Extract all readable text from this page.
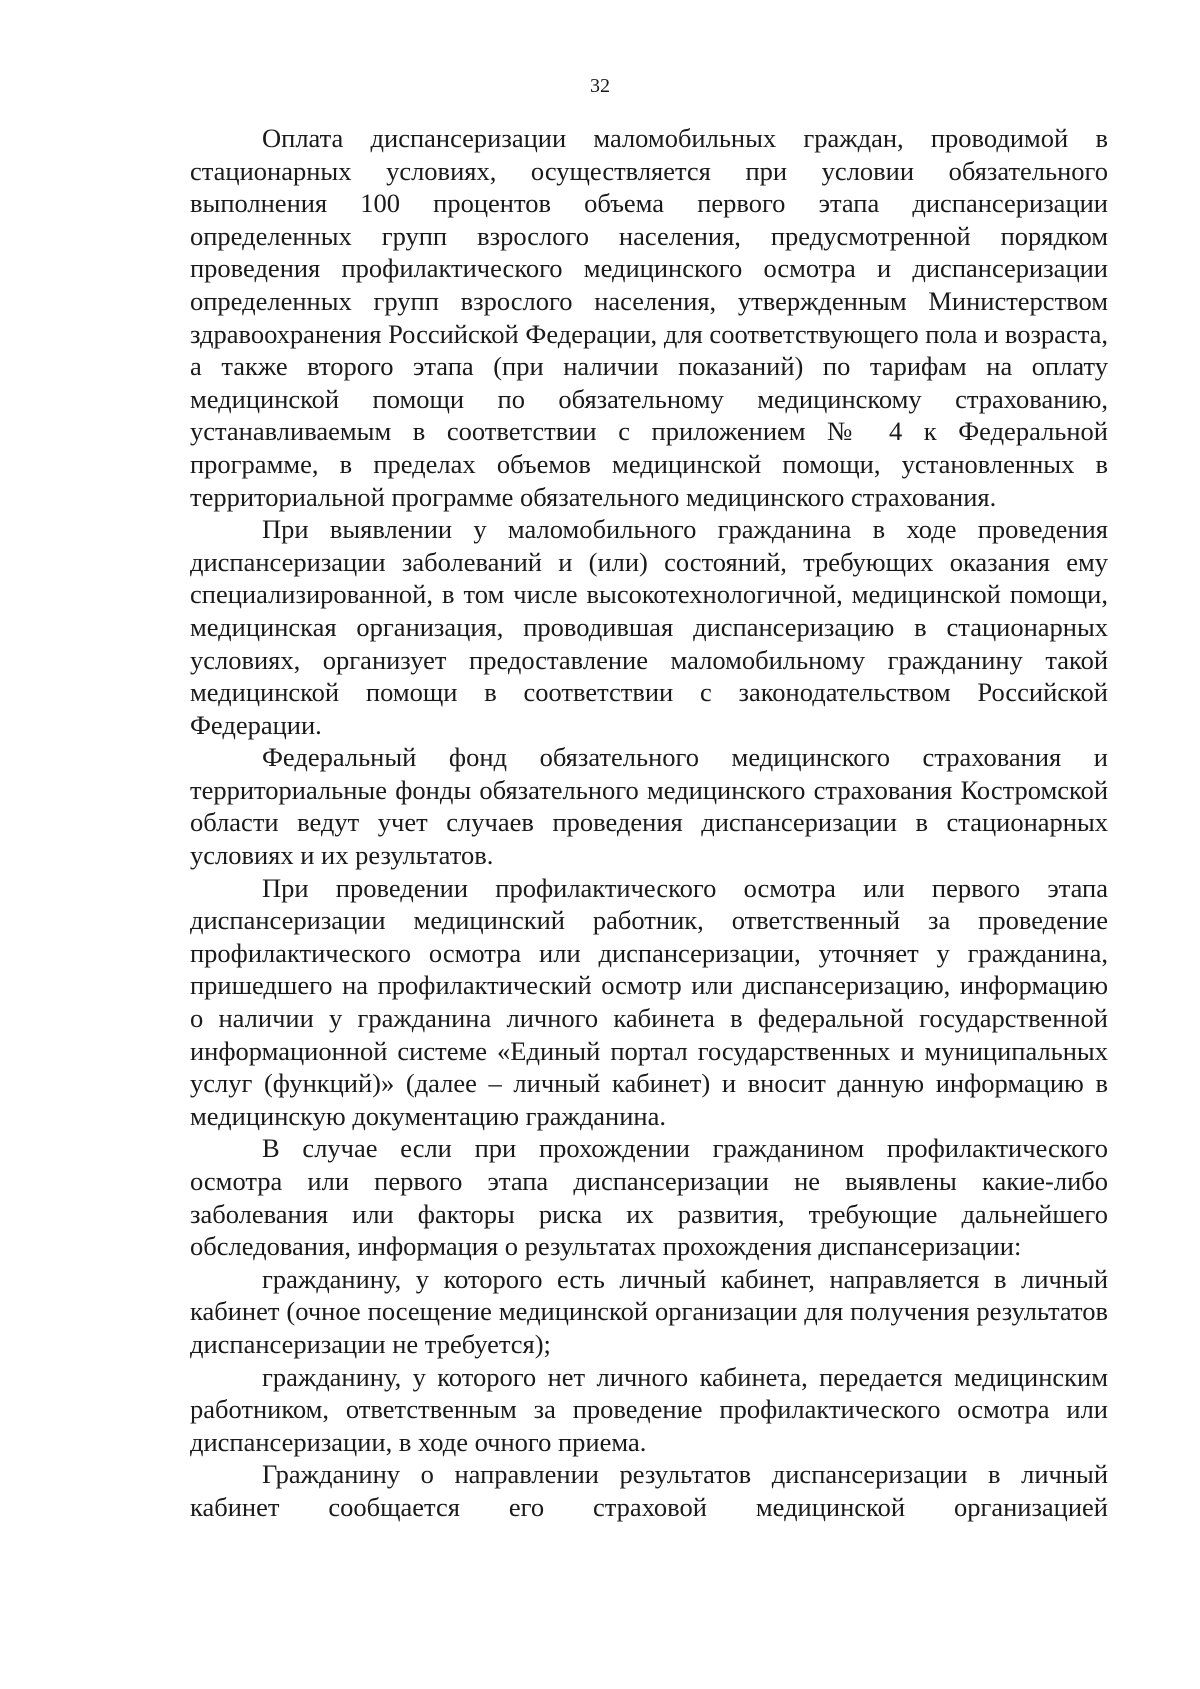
32

Оплата диспансеризации маломобильных граждан, проводимой в стационарных условиях, осуществляется при условии обязательного выполнения 100 процентов объема первого этапа диспансеризации определенных групп взрослого населения, предусмотренной порядком проведения профилактического медицинского осмотра и диспансеризации определенных групп взрослого населения, утвержденным Министерством здравоохранения Российской Федерации, для соответствующего пола и возраста, а также второго этапа (при наличии показаний) по тарифам на оплату медицинской помощи по обязательному медицинскому страхованию, устанавливаемым в соответствии с приложением № 4 к Федеральной программе, в пределах объемов медицинской помощи, установленных в территориальной программе обязательного медицинского страхования.

При выявлении у маломобильного гражданина в ходе проведения диспансеризации заболеваний и (или) состояний, требующих оказания ему специализированной, в том числе высокотехнологичной, медицинской помощи, медицинская организация, проводившая диспансеризацию в стационарных условиях, организует предоставление маломобильному гражданину такой медицинской помощи в соответствии с законодательством Российской Федерации.

Федеральный фонд обязательного медицинского страхования и территориальные фонды обязательного медицинского страхования Костромской области ведут учет случаев проведения диспансеризации в стационарных условиях и их результатов.

При проведении профилактического осмотра или первого этапа диспансеризации медицинский работник, ответственный за проведение профилактического осмотра или диспансеризации, уточняет у гражданина, пришедшего на профилактический осмотр или диспансеризацию, информацию о наличии у гражданина личного кабинета в федеральной государственной информационной системе «Единый портал государственных и муниципальных услуг (функций)» (далее – личный кабинет) и вносит данную информацию в медицинскую документацию гражданина.

В случае если при прохождении гражданином профилактического осмотра или первого этапа диспансеризации не выявлены какие-либо заболевания или факторы риска их развития, требующие дальнейшего обследования, информация о результатах прохождения диспансеризации:

гражданину, у которого есть личный кабинет, направляется в личный кабинет (очное посещение медицинской организации для получения результатов диспансеризации не требуется);

гражданину, у которого нет личного кабинета, передается медицинским работником, ответственным за проведение профилактического осмотра или диспансеризации, в ходе очного приема.

Гражданину о направлении результатов диспансеризации в личный кабинет сообщается его страховой медицинской организацией
